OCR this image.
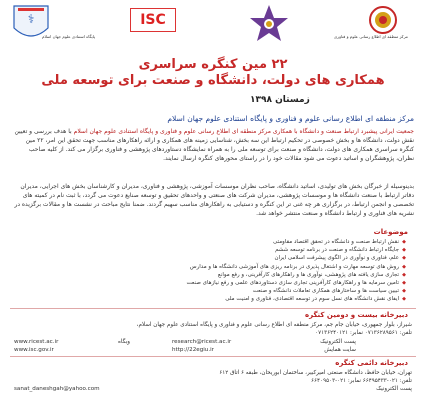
⚕
پایگاه استنادی علوم جهان اسلام
ISC
مرکز منطقه ای اطلاع رسانی علوم و فناوری
۲۲ مین کنگره سراسری
همکاری های دولت، دانشگاه و صنعت برای توسعه ملی
زمستان ۱۳۹۸
مرکز منطقه ای اطلاع رسانی علوم و فناوری و پایگاه استنادی علوم جهان اسلام
جمعیت ایرانی پیشبرد ارتباط صنعت و دانشگاه با همکاری مرکز منطقه ای اطلاع رسانی علوم و فناوری و پایگاه استنادی علوم جهان اسلام با هدف بررسی و تعیین نقش دولت، دانشگاه ها و بخش خصوصی در تحکیم ارتباط این سه بخش، شناسایی زمینه های همکاری و ارائه راهکارهای مناسب جهت تحقق این امر، ۲۲ مین کنگره سراسری همکاری های دولت، دانشگاه و صنعت برای توسعه ملی را به همراه نمایشگاه دستاوردهای پژوهشی و فناوری برگزار می کند. از کلیه صاحب نظران، پژوهشگران و اساتید دعوت می شود مقالات خود را در راستای محورهای کنگره ارسال نمایند.
بدینوسیله از خبرگان بخش های تولیدی، اساتید دانشگاه، صاحب نظران موسسات آموزشی، پژوهشی و فناوری، مدیران و کارشناسان بخش های اجرایی، مدیران دفاتر ارتباط با صنعت دانشگاه ها و موسسات پژوهشی، مدیران شرکت های صنعتی و واحدهای تحقیق و توسعه صنایع دعوت می گردد، با ثبت نام در کمیته های تخصصی و انجمن ارتباط، در برگزاری هر چه غنی تر این کنگره و دستیابی به راهکارهای مناسب سهیم گردند. ضمنا نتایج مباحث در نشست ها و مقالات برگزیده در نشریه های فناوری و ارتباط دانشگاه و صنعت منتشر خواهد شد.
موضوعات
◆
نقش ارتباط صنعت و دانشگاه در تحقق اقتصاد مقاومتی
◆
جایگاه ارتباط دانشگاه و صنعت در برنامه توسعه ششم
◆
علم، فناوری و نوآوری در الگوی پیشرفت اسلامی ایران
◆
روش های توسعه مهارت و اشتغال پذیری در برنامه ریزی های آموزشی دانشگاه ها و مدارس
◆
تجاری سازی یافته های پژوهشی، نوآوری ها و راهکارهای کارآفرینی، و رفع موانع
◆
تامین سرمایه ها و راهکارهای کارآفرینی تجاری سازی دستاوردهای علمی و رفع نیازهای صنعت
◆
تبیین سیاست ها و ساختارهای همکاری تعاملات دانشگاه و صنعت
◆
ایفای نقش دانشگاه های نسل سوم در توسعه اقتصادی، فناوری و امنیت ملی
دبیرخانه بیست و دومین کنگره
شیراز، بلوار جمهوری، خیابان جام جم، مرکز منطقه ای اطلاع رسانی علوم و فناوری و پایگاه استنادی علوم جهان اسلام،
تلفن: ۰۷۱۳۶۲۸۹۵۶۱ نمابر: ۰۷۱۳۶۲۴۰۱۲۱
پست الکترونیک
research@ricest.ac.ir
وبگاه
www.ricest.ac.ir
www.isc.gov.ir	سایت همایش
http://22egiu.ir
دبیرخانه دائمی کنگره
تهران، خیابان حافظ، دانشگاه صنعتی امیرکبیر، ساختمان ابوریحان، طبقه ۶ اتاق ۶۱۲
تلفن: ۰۲۱-۶۶۴۹۵۴۳۳ نمابر: ۰۲۱-۶۶۴۰۹۵۰۳
پست الکترونیک
sanat_daneshgah@yahoo.com
